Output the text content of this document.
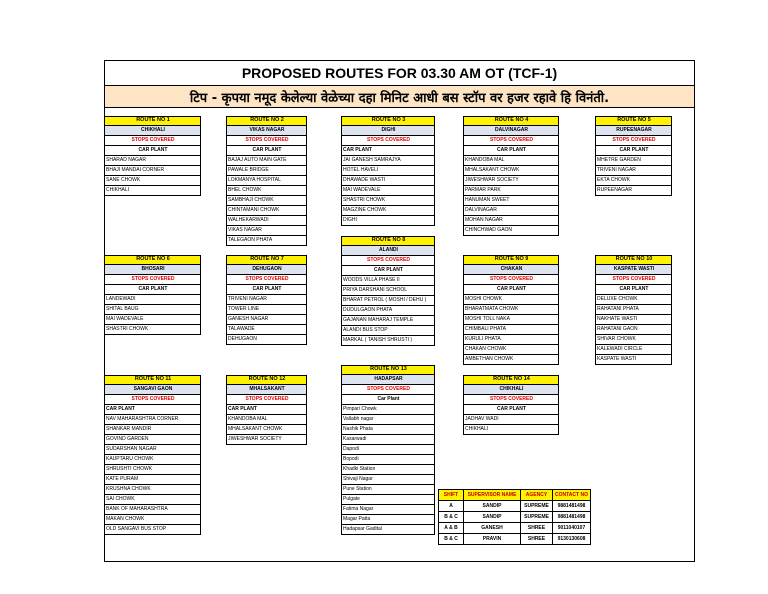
PROPOSED ROUTES FOR 03.30 AM OT (TCF-1)
टिप - कृपया नमूद केलेल्या वेळेच्या दहा मिनिट आधी बस स्टॉप वर हजर रहावे हि विनंती.
ROUTE NO 1
CHIKHALI
STOPS COVERED
CAR PLANT
SHARAD NAGAR
BHAJI MANDAI CORNER
SANE CHOWK
CHIKHALI
ROUTE NO 2
VIKAS NAGAR
STOPS COVERED
CAR PLANT
BAJAJ AUTO MAIN GATE
PAWALE BRIDGE
LOKMANYA HOSPITAL
BHEL CHOWK
SAMBHAJI CHOWK
CHINTAMANI CHOWK
WALHEKARWADI
VIKAS NAGAR
TALEGAON PHATA
ROUTE NO 3
DIGHI
STOPS COVERED
CAR PLANT
JAI GANESH SAMRAJYA
HOTEL HAVELI
DHAWADE WASTI
MAI WADEVALE
SHASTRI CHOWK
MAGZINE CHOWK
DIGHI
ROUTE NO 4
DALVINAGAR
STOPS COVERED
CAR PLANT
KHANDOBA MAL
MHALSAKANT CHOWK
JIWESHWAR SOCIETY
PARMAR PARK
HANUMAN SWEET
DALVINAGAR
MOHAN NAGAR
CHINCHWAD GAON
ROUTE NO 5
RUPEENAGAR
STOPS COVERED
CAR PLANT
MHETRE GARDEN
TRIVENI NAGAR
EKTA CHOWK
RUPEENAGAR
ROUTE NO 6
BHOSARI
STOPS COVERED
CAR PLANT
LANDEWADI
SHITAL BAUG
MAI WADEVALE
SHASTRI CHOWK
ROUTE NO 7
DEHUGAON
STOPS COVERED
CAR PLANT
TRIVENI NAGAR
TOWER LINE
GANESH NAGAR
TALAWADE
DEHUGAON
ROUTE NO 8
ALANDI
STOPS COVERED
CAR PLANT
WOODS VILLA PHASE II
PRIYA DARSHANI SCHOOL
BHARAT PETROL ( MOSHI / DEHU )
DUDULGAON PHATA
GAJANAN MAHARAJ TEMPLE
ALANDI BUS STOP
MARKAL ( TANISH SHRUSTI )
ROUTE NO 9
CHAKAN
STOPS COVERED
CAR PLANT
MOSHI CHOWK
BHARATMATA CHOWK
MOSHI TOLL NAKA
CHIMBALI PHATA
KURULI PHATA
CHAKAN CHOWK
AMBETHAN CHOWK
ROUTE NO 10
KASPATE WASTI
STOPS COVERED
CAR PLANT
DELUXE CHOWK
RAHATANI PHATA
NAKHATE WASTI
RAHATANI GAON
SHIVAR CHOWK
KALEWADI CIRCLE
KASPATE WASTI
ROUTE NO 11
SANGAVI GAON
STOPS COVERED
CAR PLANT
NAV MAHARASHTRA CORNER
SHANKAR MANDIR
GOVIND GARDEN
SUDARSHAN NAGAR
KAUPTARU CHOWK
SHRUSHTI CHOWK
KATE PURAM
KRUSHNA CHOWK
SAI CHOWK
BANK OF MAHARASHTRA
MAKAN CHOWK
OLD SANGAVI BUS STOP
ROUTE NO 12
MHALSAKANT
STOPS COVERED
CAR PLANT
KHANDOBA MAL
MHALSAKANT CHOWK
JIWESHWAR SOCIETY
ROUTE NO 13
HADAPSAR
STOPS COVERED
Car Plant
Pimpari Chowk
Vallabh nagar
Nashik Phata
Kasarwadi
Dapodi
Bopodi
Khadki Station
Shivaji Nagar
Pune Station
Pulgate
Fatima Nagar
Magar Patta
Hadapsar Gadital
ROUTE NO 14
CHIKHALI
STOPS COVERED
CAR PLANT
JADHAV WADI
CHIKHALI
SHIFT	SUPERVISOR NAME	AGENCY	CONTACT NO
A	SANDIP	SUPREME	9881481498
B & C	SANDIP	SUPREME	9881481498
A & B	GANESH	SHREE	9011040107
B & C	PRAVIN	SHREE	9130130608
